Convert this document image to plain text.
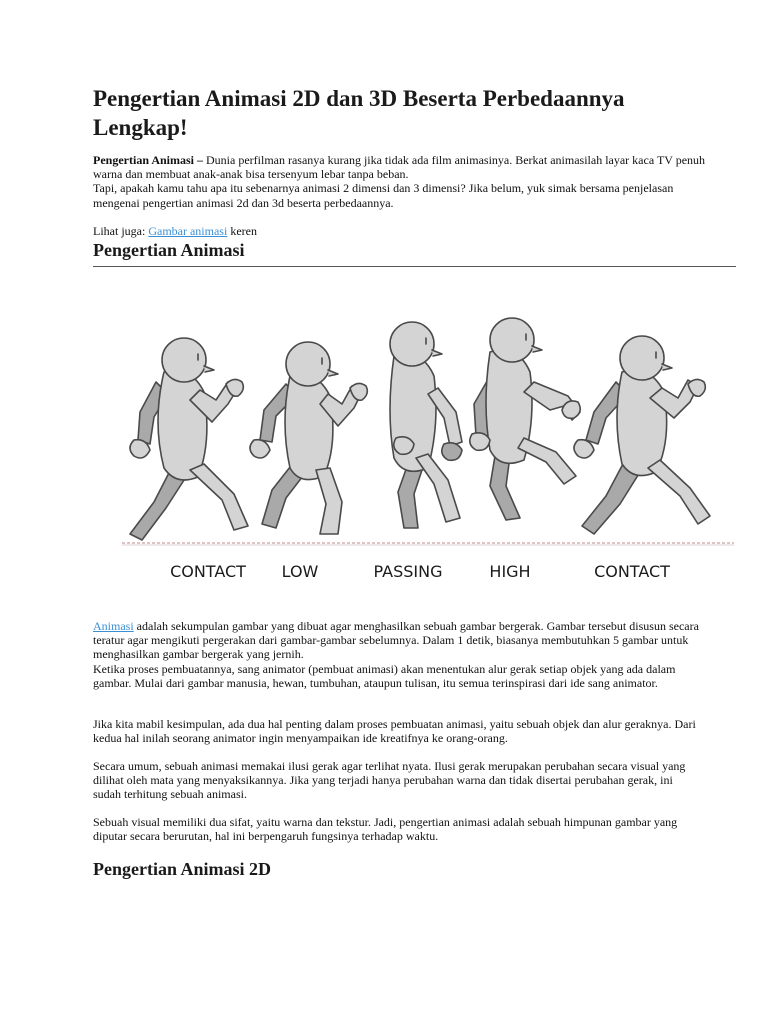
Pengertian Animasi 2D dan 3D Beserta Perbedaannya Lengkap!

Pengertian Animasi – Dunia perfilman rasanya kurang jika tidak ada film animasinya. Berkat animasilah layar kaca TV penuh warna dan membuat anak-anak bisa tersenyum lebar tanpa beban.
Tapi, apakah kamu tahu apa itu sebenarnya animasi 2 dimensi dan 3 dimensi? Jika belum, yuk simak bersama penjelasan mengenai pengertian animasi 2d dan 3d beserta perbedaannya.

Lihat juga: Gambar animasi keren

Pengertian Animasi

Animasi adalah sekumpulan gambar yang dibuat agar menghasilkan sebuah gambar bergerak. Gambar tersebut disusun secara teratur agar mengikuti pergerakan dari gambar-gambar sebelumnya. Dalam 1 detik, biasanya membutuhkan 5 gambar untuk menghasilkan gambar bergerak yang jernih.
Ketika proses pembuatannya, sang animator (pembuat animasi) akan menentukan alur gerak setiap objek yang ada dalam gambar. Mulai dari gambar manusia, hewan, tumbuhan, ataupun tulisan, itu semua terinspirasi dari ide sang animator.

Jika kita mabil kesimpulan, ada dua hal penting dalam proses pembuatan animasi, yaitu sebuah objek dan alur geraknya. Dari kedua hal inilah seorang animator ingin menyampaikan ide kreatifnya ke orang-orang.

Secara umum, sebuah animasi memakai ilusi gerak agar terlihat nyata. Ilusi gerak merupakan perubahan secara visual yang dilihat oleh mata yang menyaksikannya. Jika yang terjadi hanya perubahan warna dan tidak disertai perubahan gerak, ini sudah terhitung sebuah animasi.

Sebuah visual memiliki dua sifat, yaitu warna dan tekstur. Jadi, pengertian animasi adalah sebuah himpunan gambar yang diputar secara berurutan, hal ini berpengaruh fungsinya terhadap waktu.

Pengertian Animasi 2D
CONTACT LOW	PASSING	HIGH	CONTACT
